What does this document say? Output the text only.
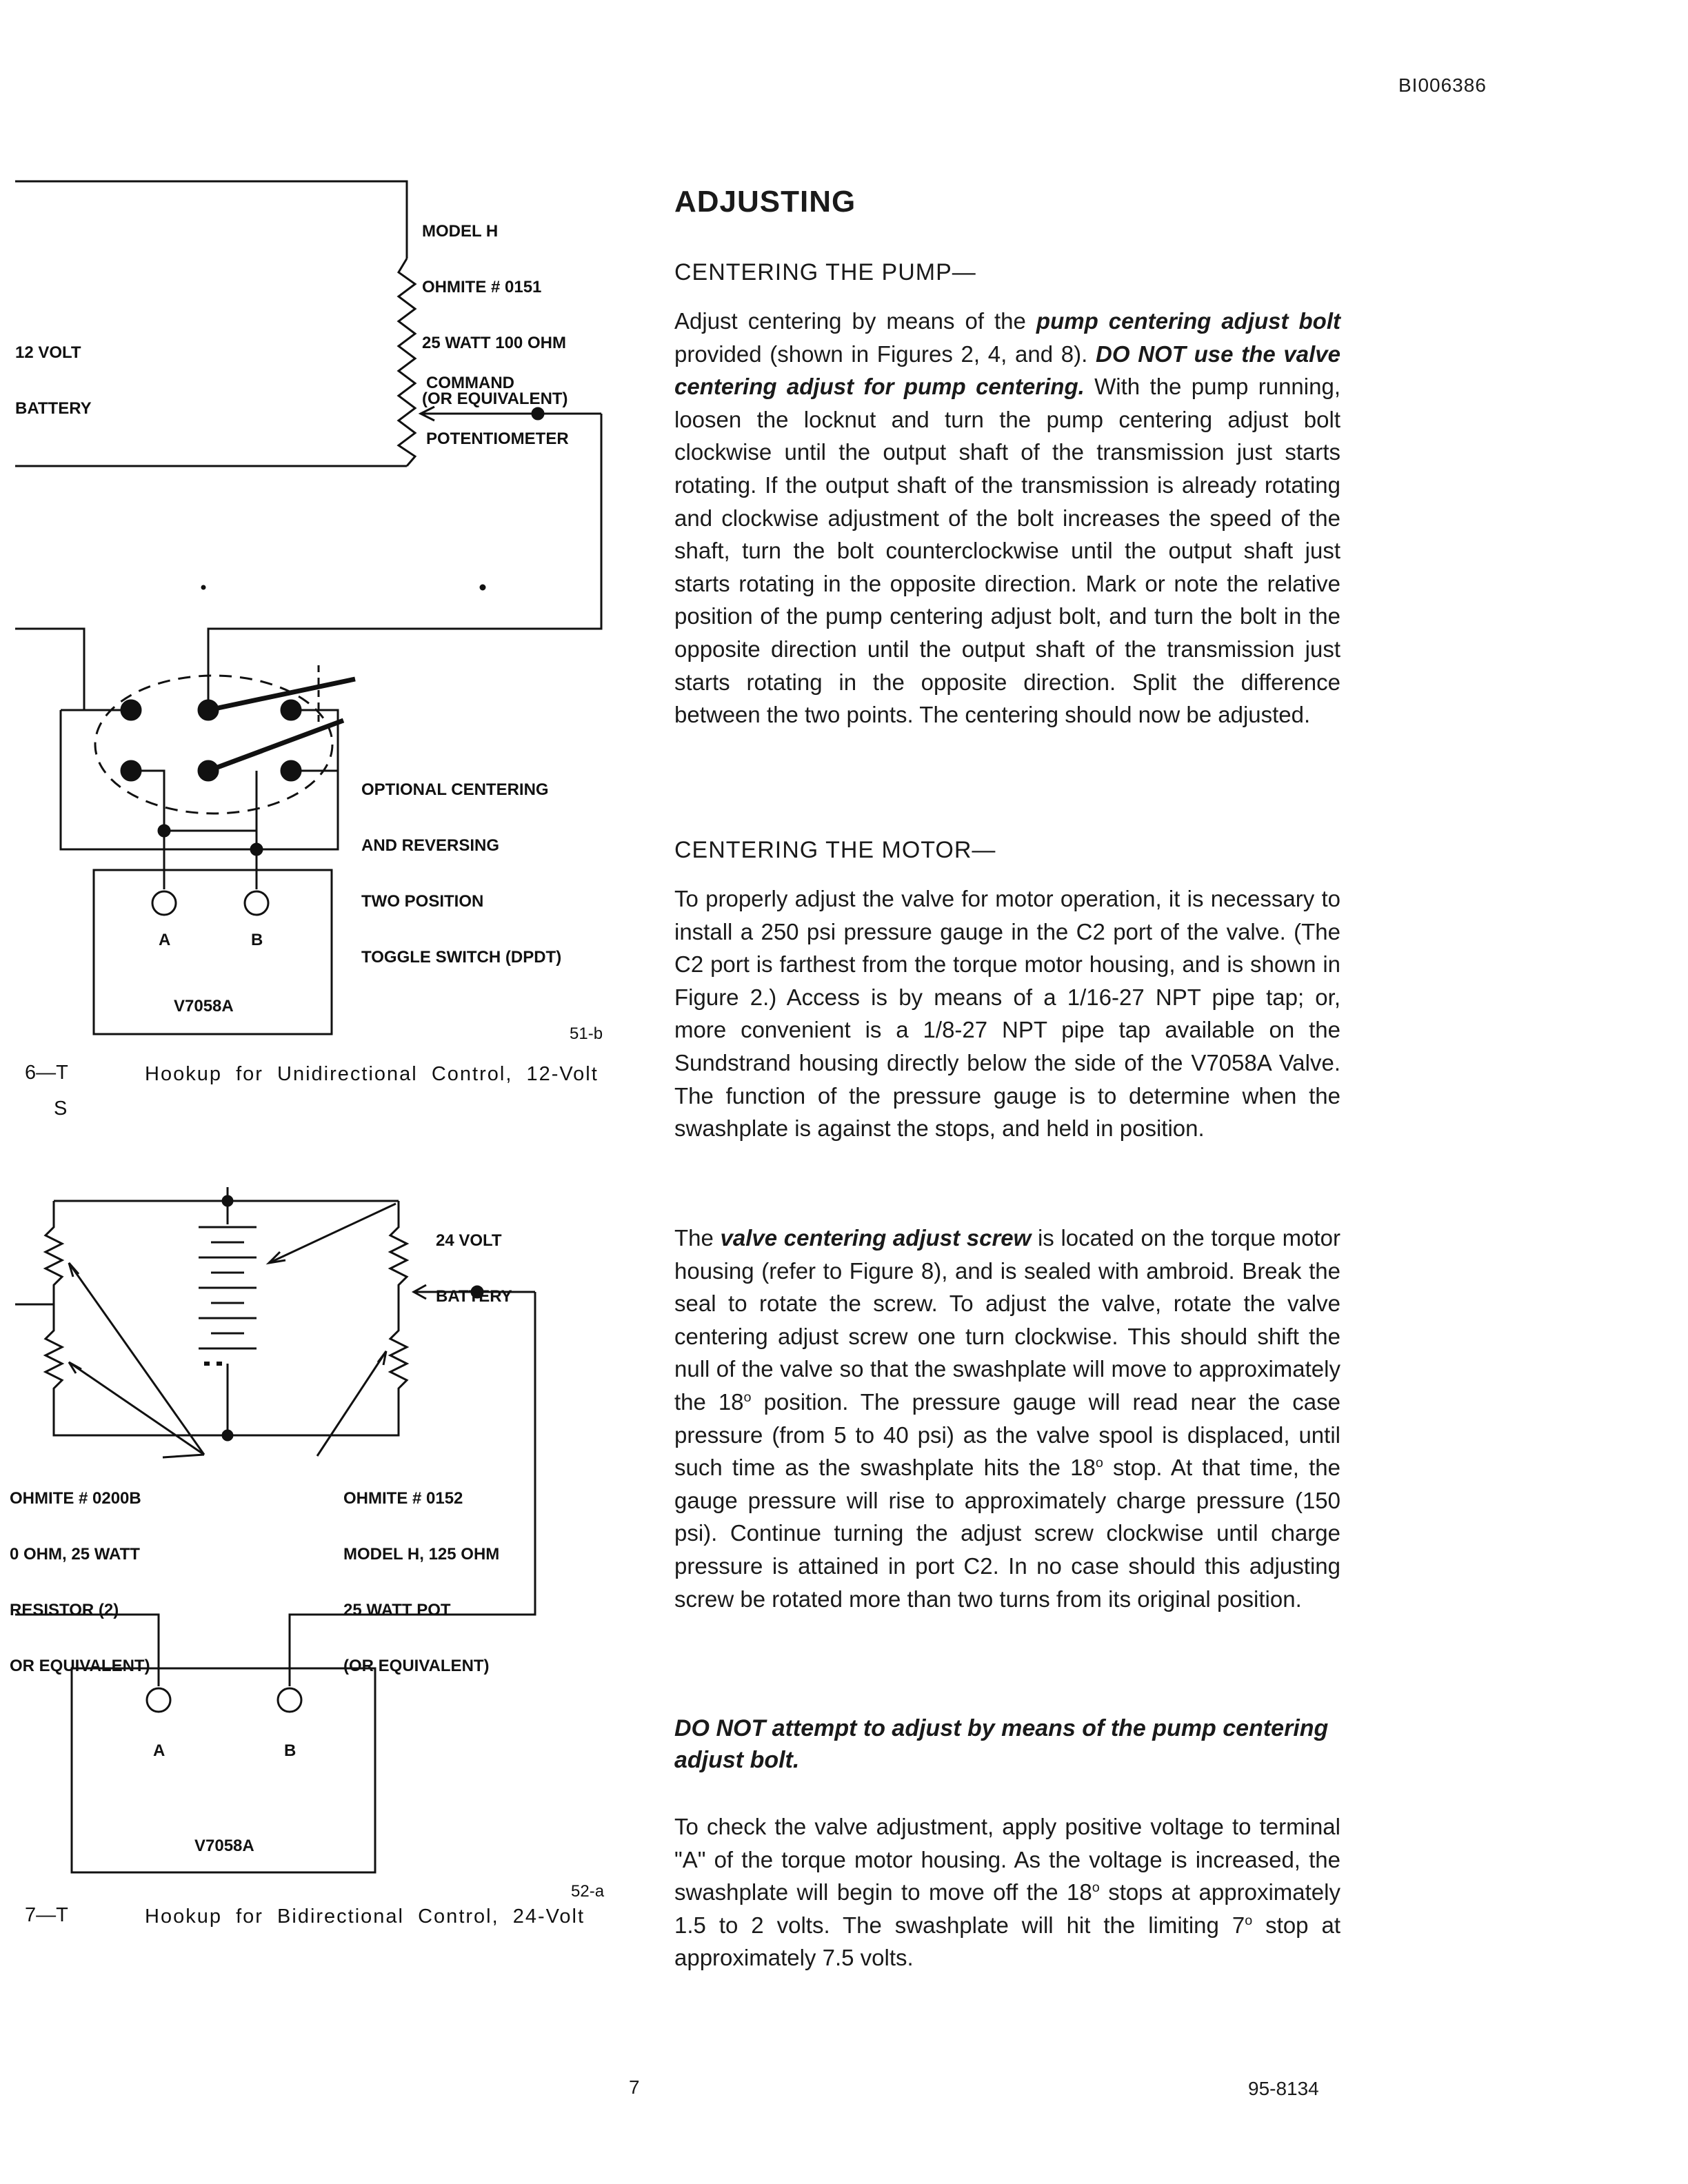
BI006386
7	95-8134

MODEL H

OHMITE # 0151

25 WATT 100 OHM

(OR EQUIVALENT)

12 VOLT

BATTERY

COMMAND

POTENTIOMETER

OPTIONAL CENTERING

AND REVERSING

TWO POSITION

TOGGLE SWITCH (DPDT)

A	B
V7058A
51-b
6—T
S
Hookup  for  Unidirectional  Control,  12-Volt

24 VOLT

BATTERY

OHMITE # 0200B

0 OHM, 25 WATT

RESISTOR (2)

OR EQUIVALENT)

OHMITE # 0152

MODEL H, 125 OHM

25 WATT POT

(OR EQUIVALENT)

A	B
V7058A
52-a
7—T	Hookup  for  Bidirectional  Control,  24-Volt
ADJUSTING
CENTERING THE PUMP—
Adjust centering by means of the pump centering adjust bolt provided (shown in Figures 2, 4, and 8). DO NOT use the valve centering adjust for pump centering. With the pump running, loosen the locknut and turn the pump centering adjust bolt clockwise until the output shaft of the transmission just starts rotating. If the output shaft of the transmission is already rotating and clockwise adjustment of the bolt increases the speed of the shaft, turn the bolt counterclockwise until the output shaft just starts rotating in the opposite direction. Mark or note the relative position of the pump centering adjust bolt, and turn the bolt in the opposite direction until the output shaft of the transmission just starts rotating in the opposite direction. Split the difference between the two points. The centering should now be adjusted.
CENTERING THE MOTOR—
To properly adjust the valve for motor operation, it is necessary to install a 250 psi pressure gauge in the C2 port of the valve. (The C2 port is farthest from the torque motor housing, and is shown in Figure 2.) Access is by means of a 1/16-27 NPT pipe tap; or, more convenient is a 1/8-27 NPT pipe tap available on the Sundstrand housing directly below the side of the V7058A Valve. The function of the pressure gauge is to determine when the swashplate is against the stops, and held in position.
The valve centering adjust screw is located on the torque motor housing (refer to Figure 8), and is sealed with ambroid. Break the seal to rotate the screw. To adjust the valve, rotate the valve centering adjust screw one turn clockwise. This should shift the null of the valve so that the swashplate will move to approximately the 18$^o$ position. The pressure gauge will read near the case pressure (from 5 to 40 psi) as the valve spool is displaced, until such time as the swashplate hits the 18$^o$ stop. At that time, the gauge pressure will rise to approximately charge pressure (150 psi). Continue turning the adjust screw clockwise until charge pressure is attained in port C2. In no case should this adjusting screw be rotated more than two turns from its original position.
DO NOT attempt to adjust by means of the pump centering adjust bolt.
To check the valve adjustment, apply positive voltage to terminal "A" of the torque motor housing. As the voltage is increased, the swashplate will begin to move off the 18$^o$ stops at approximately 1.5 to 2 volts. The swashplate will hit the limiting 7$^o$ stop at approximately 7.5 volts.
